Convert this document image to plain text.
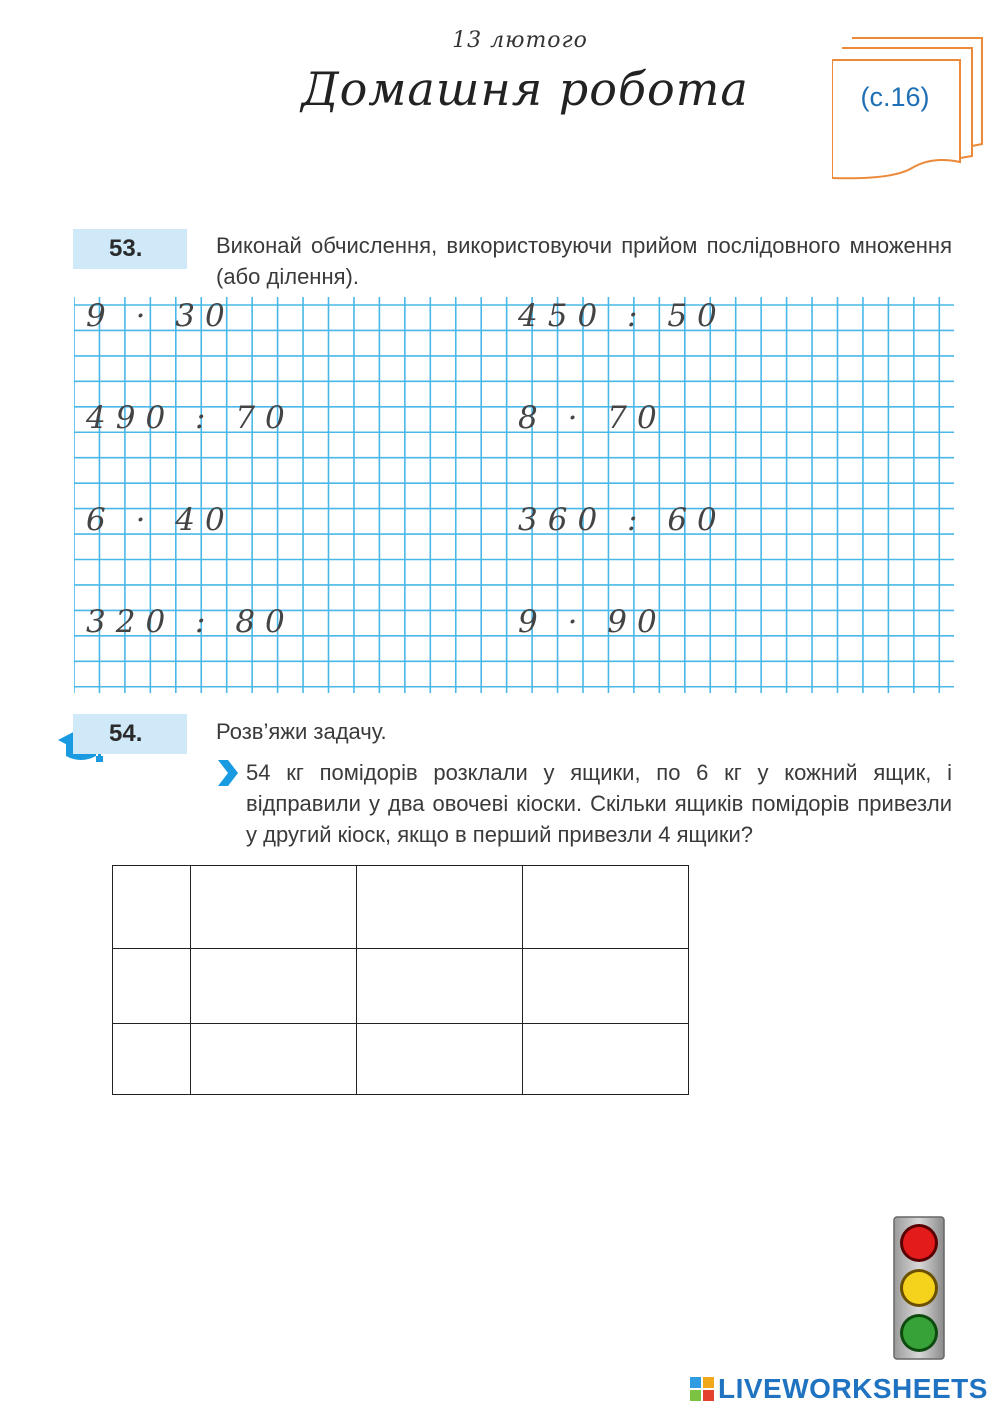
13 лютого
Домашня робота	(с.16)
53.	Виконай обчислення, використовуючи прийом послідовного множення (або ділення).
9 · 30	450 : 50
490 : 70	8 · 70
6 · 40	360 : 60
320 : 80	9 · 90
54.	Розв’яжи задачу.
54 кг помідорів розклали у ящики, по 6 кг у кожний ящик, і відправили у два овочеві кіоски. Скільки ящиків помідорів привезли у другий кіоск, якщо в перший привезли 4 ящики?

LIVEWORKSHEETS
